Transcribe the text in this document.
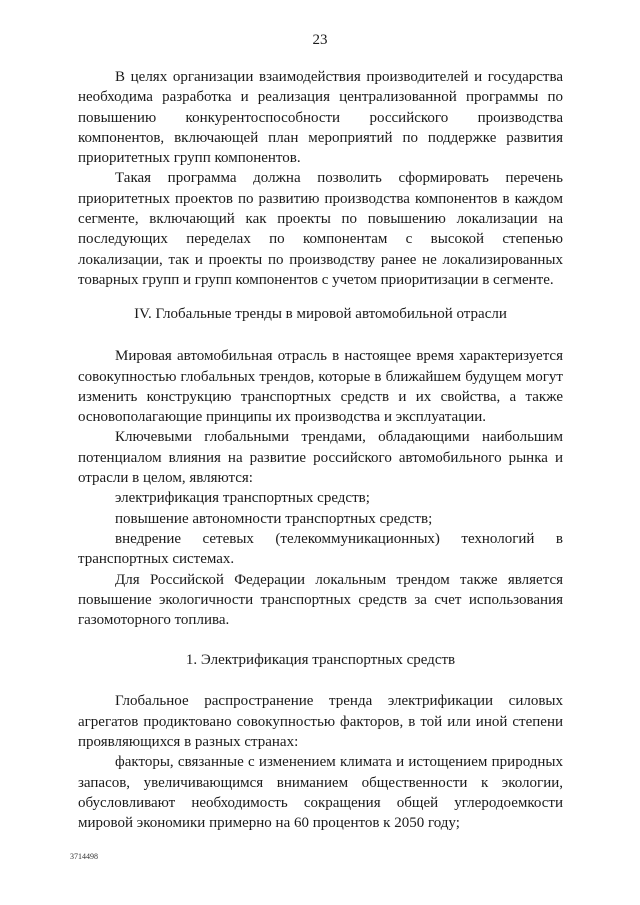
23

В целях организации взаимодействия производителей и государства необходима разработка и реализация централизованной программы по повышению конкурентоспособности российского производства компонентов, включающей план мероприятий по поддержке развития приоритетных групп компонентов.

Такая программа должна позволить сформировать перечень приоритетных проектов по развитию производства компонентов в каждом сегменте, включающий как проекты по повышению локализации на последующих переделах по компонентам с высокой степенью локализации, так и проекты по производству ранее не локализированных товарных групп и групп компонентов с учетом приоритизации в сегменте.

IV. Глобальные тренды в мировой автомобильной отрасли

Мировая автомобильная отрасль в настоящее время характеризуется совокупностью глобальных трендов, которые в ближайшем будущем могут изменить конструкцию транспортных средств и их свойства, а также основополагающие принципы их производства и эксплуатации.

Ключевыми глобальными трендами, обладающими наибольшим потенциалом влияния на развитие российского автомобильного рынка и отрасли в целом, являются:

электрификация транспортных средств;

повышение автономности транспортных средств;

внедрение сетевых (телекоммуникационных) технологий в транспортных системах.

Для Российской Федерации локальным трендом также является повышение экологичности транспортных средств за счет использования газомоторного топлива.

1. Электрификация транспортных средств

Глобальное распространение тренда электрификации силовых агрегатов продиктовано совокупностью факторов, в той или иной степени проявляющихся в разных странах:

факторы, связанные с изменением климата и истощением природных запасов, увеличивающимся вниманием общественности к экологии, обусловливают необходимость сокращения общей углеродоемкости мировой экономики примерно на 60 процентов к 2050 году;

3714498
